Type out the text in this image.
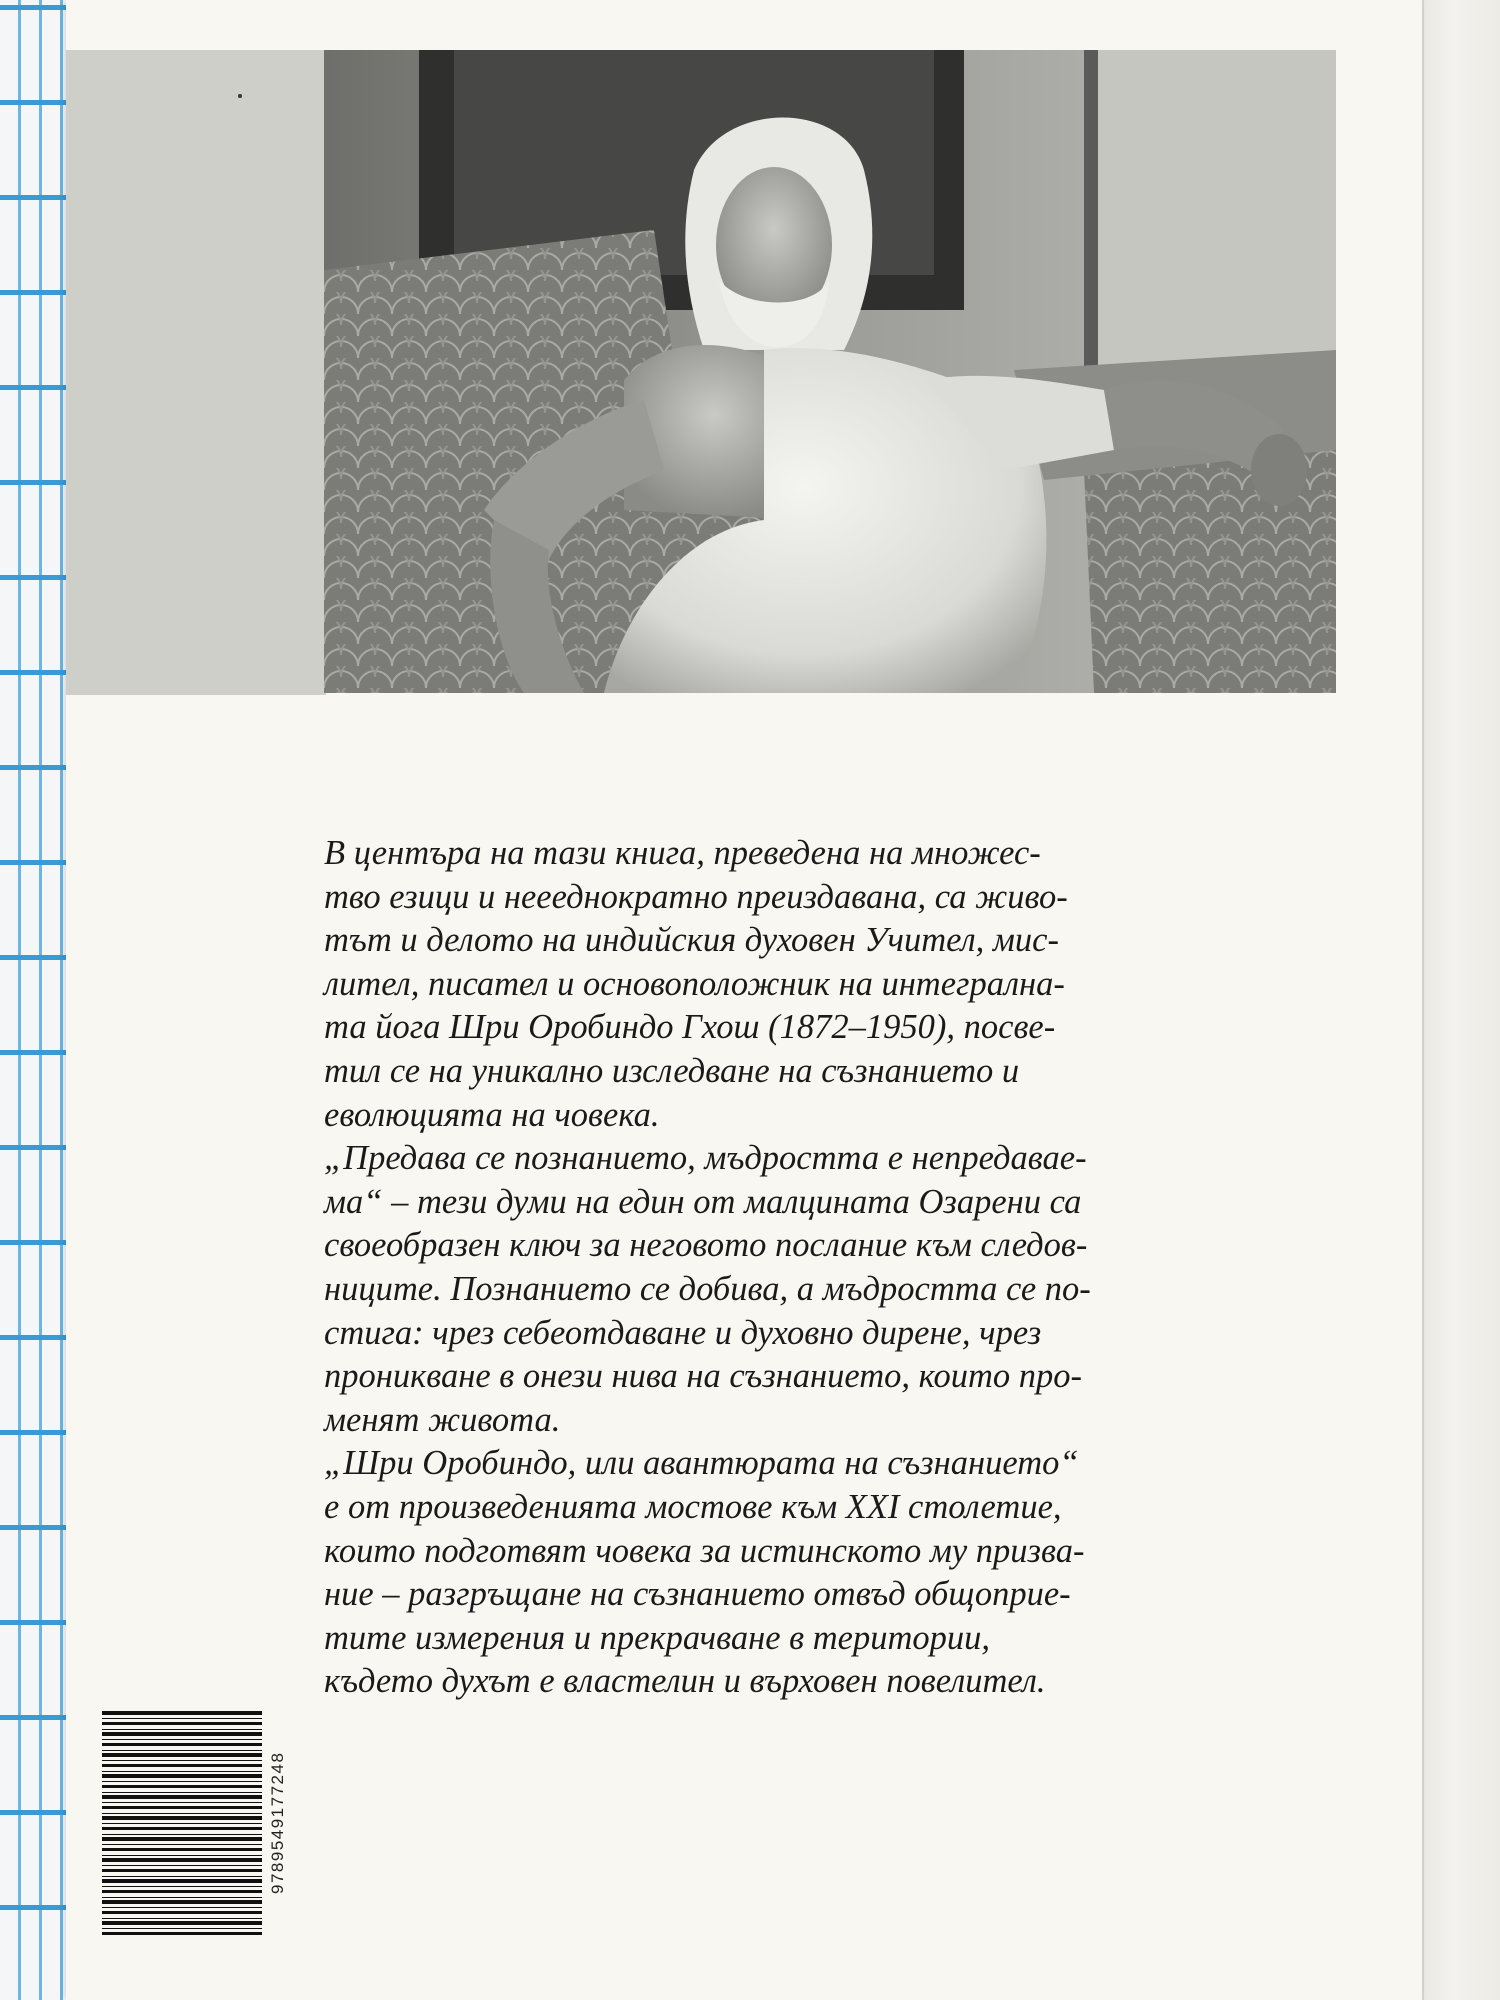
В центъра на тази книга, преведена на множес-
тво езици и неееднократно преиздавана, са живо-
тът и делото на индийския духовен Учител, мис-
лител, писател и основоположник на интегрална-
та йога Шри Оробиндо Гхош (1872–1950), посве-
тил се на уникално изследване на съзнанието и
еволюцията на човека.
„Предава се познанието, мъдростта е непредавае-
ма“ – тези думи на един от малцината Озарени са
своеобразен ключ за неговото послание към следов-
ниците. Познанието се добива, а мъдростта се по-
стига: чрез себеотдаване и духовно дирене, чрез
проникване в онези нива на съзнанието, които про-
менят живота.
„Шри Оробиндо, или авантюрата на съзнанието“
е от произведенията мостове към XXI столетие,
които подготвят човека за истинското му призва-
ние – разгръщане на съзнанието отвъд общоприе-
тите измерения и прекрачване в територии,
където духът е властелин и върховен повелител.

9789549177248
